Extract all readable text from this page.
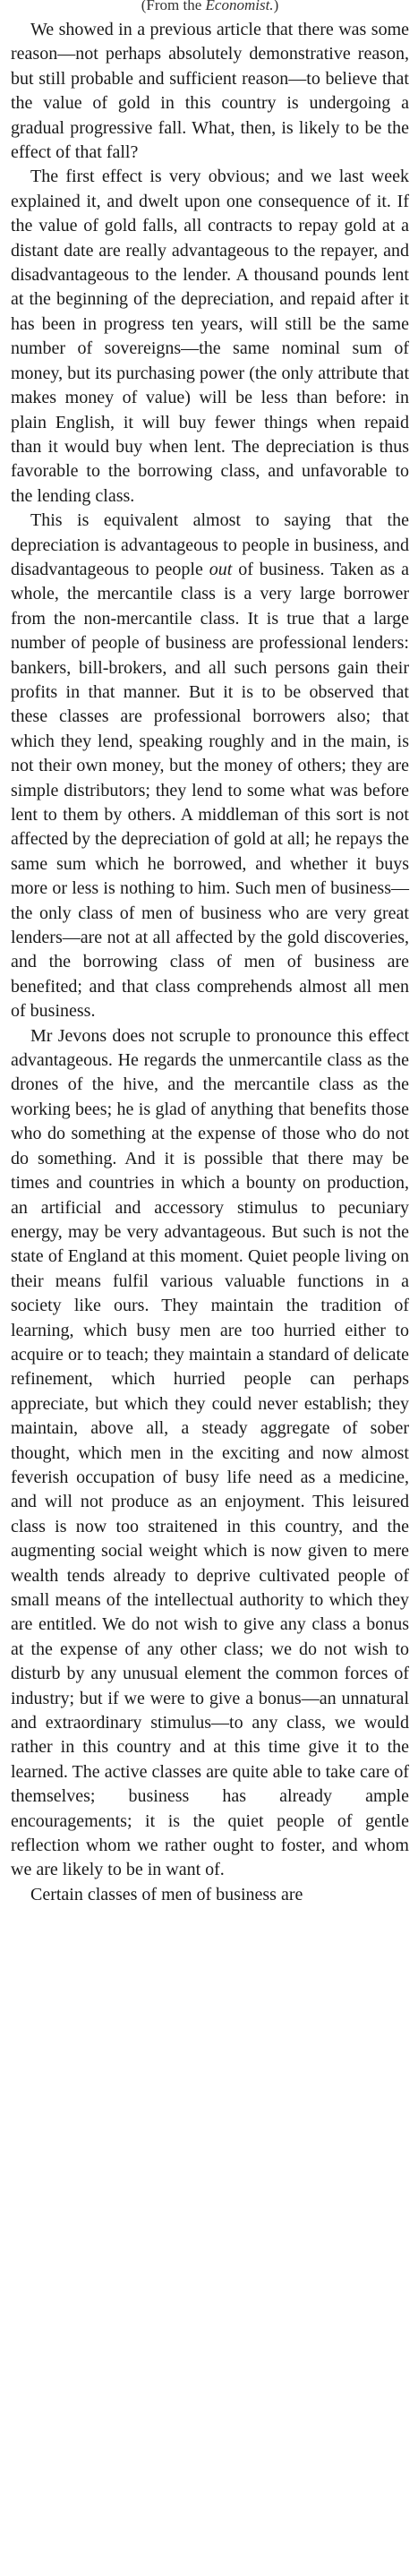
(From the Economist.)

We showed in a previous article that there was some reason—not perhaps absolutely demonstrative reason, but still probable and sufficient reason—to believe that the value of gold in this country is undergoing a gradual progressive fall. What, then, is likely to be the effect of that fall?

The first effect is very obvious; and we last week explained it, and dwelt upon one consequence of it. If the value of gold falls, all contracts to repay gold at a distant date are really advantageous to the repayer, and disadvantageous to the lender. A thousand pounds lent at the beginning of the depreciation, and repaid after it has been in progress ten years, will still be the same number of sovereigns—the same nominal sum of money, but its purchasing power (the only attribute that makes money of value) will be less than before: in plain English, it will buy fewer things when repaid than it would buy when lent. The depreciation is thus favorable to the borrowing class, and unfavorable to the lending class.

This is equivalent almost to saying that the depreciation is advantageous to people in business, and disadvantageous to people out of business. Taken as a whole, the mercantile class is a very large borrower from the non-mercantile class. It is true that a large number of people of business are professional lenders: bankers, bill-brokers, and all such persons gain their profits in that manner. But it is to be observed that these classes are professional borrowers also; that which they lend, speaking roughly and in the main, is not their own money, but the money of others; they are simple distributors; they lend to some what was before lent to them by others. A middleman of this sort is not affected by the depreciation of gold at all; he repays the same sum which he borrowed, and whether it buys more or less is nothing to him. Such men of business—the only class of men of business who are very great lenders—are not at all affected by the gold discoveries, and the borrowing class of men of business are benefited; and that class comprehends almost all men of business.

Mr Jevons does not scruple to pronounce this effect advantageous. He regards the unmercantile class as the drones of the hive, and the mercantile class as the working bees; he is glad of anything that benefits those who do something at the expense of those who do not do something. And it is possible that there may be times and countries in which a bounty on production, an artificial and accessory stimulus to pecuniary energy, may be very advantageous. But such is not the state of England at this moment. Quiet people living on their means fulfil various valuable functions in a society like ours. They maintain the tradition of learning, which busy men are too hurried either to acquire or to teach; they maintain a standard of delicate refinement, which hurried people can perhaps appreciate, but which they could never establish; they maintain, above all, a steady aggregate of sober thought, which men in the exciting and now almost feverish occupation of busy life need as a medicine, and will not produce as an enjoyment. This leisured class is now too straitened in this country, and the augmenting social weight which is now given to mere wealth tends already to deprive cultivated people of small means of the intellectual authority to which they are entitled. We do not wish to give any class a bonus at the expense of any other class; we do not wish to disturb by any unusual element the common forces of industry; but if we were to give a bonus—an unnatural and extraordinary stimulus—to any class, we would rather in this country and at this time give it to the learned. The active classes are quite able to take care of themselves; business has already ample encouragements; it is the quiet people of gentle reflection whom we rather ought to foster, and whom we are likely to be in want of.

Certain classes of men of business are
